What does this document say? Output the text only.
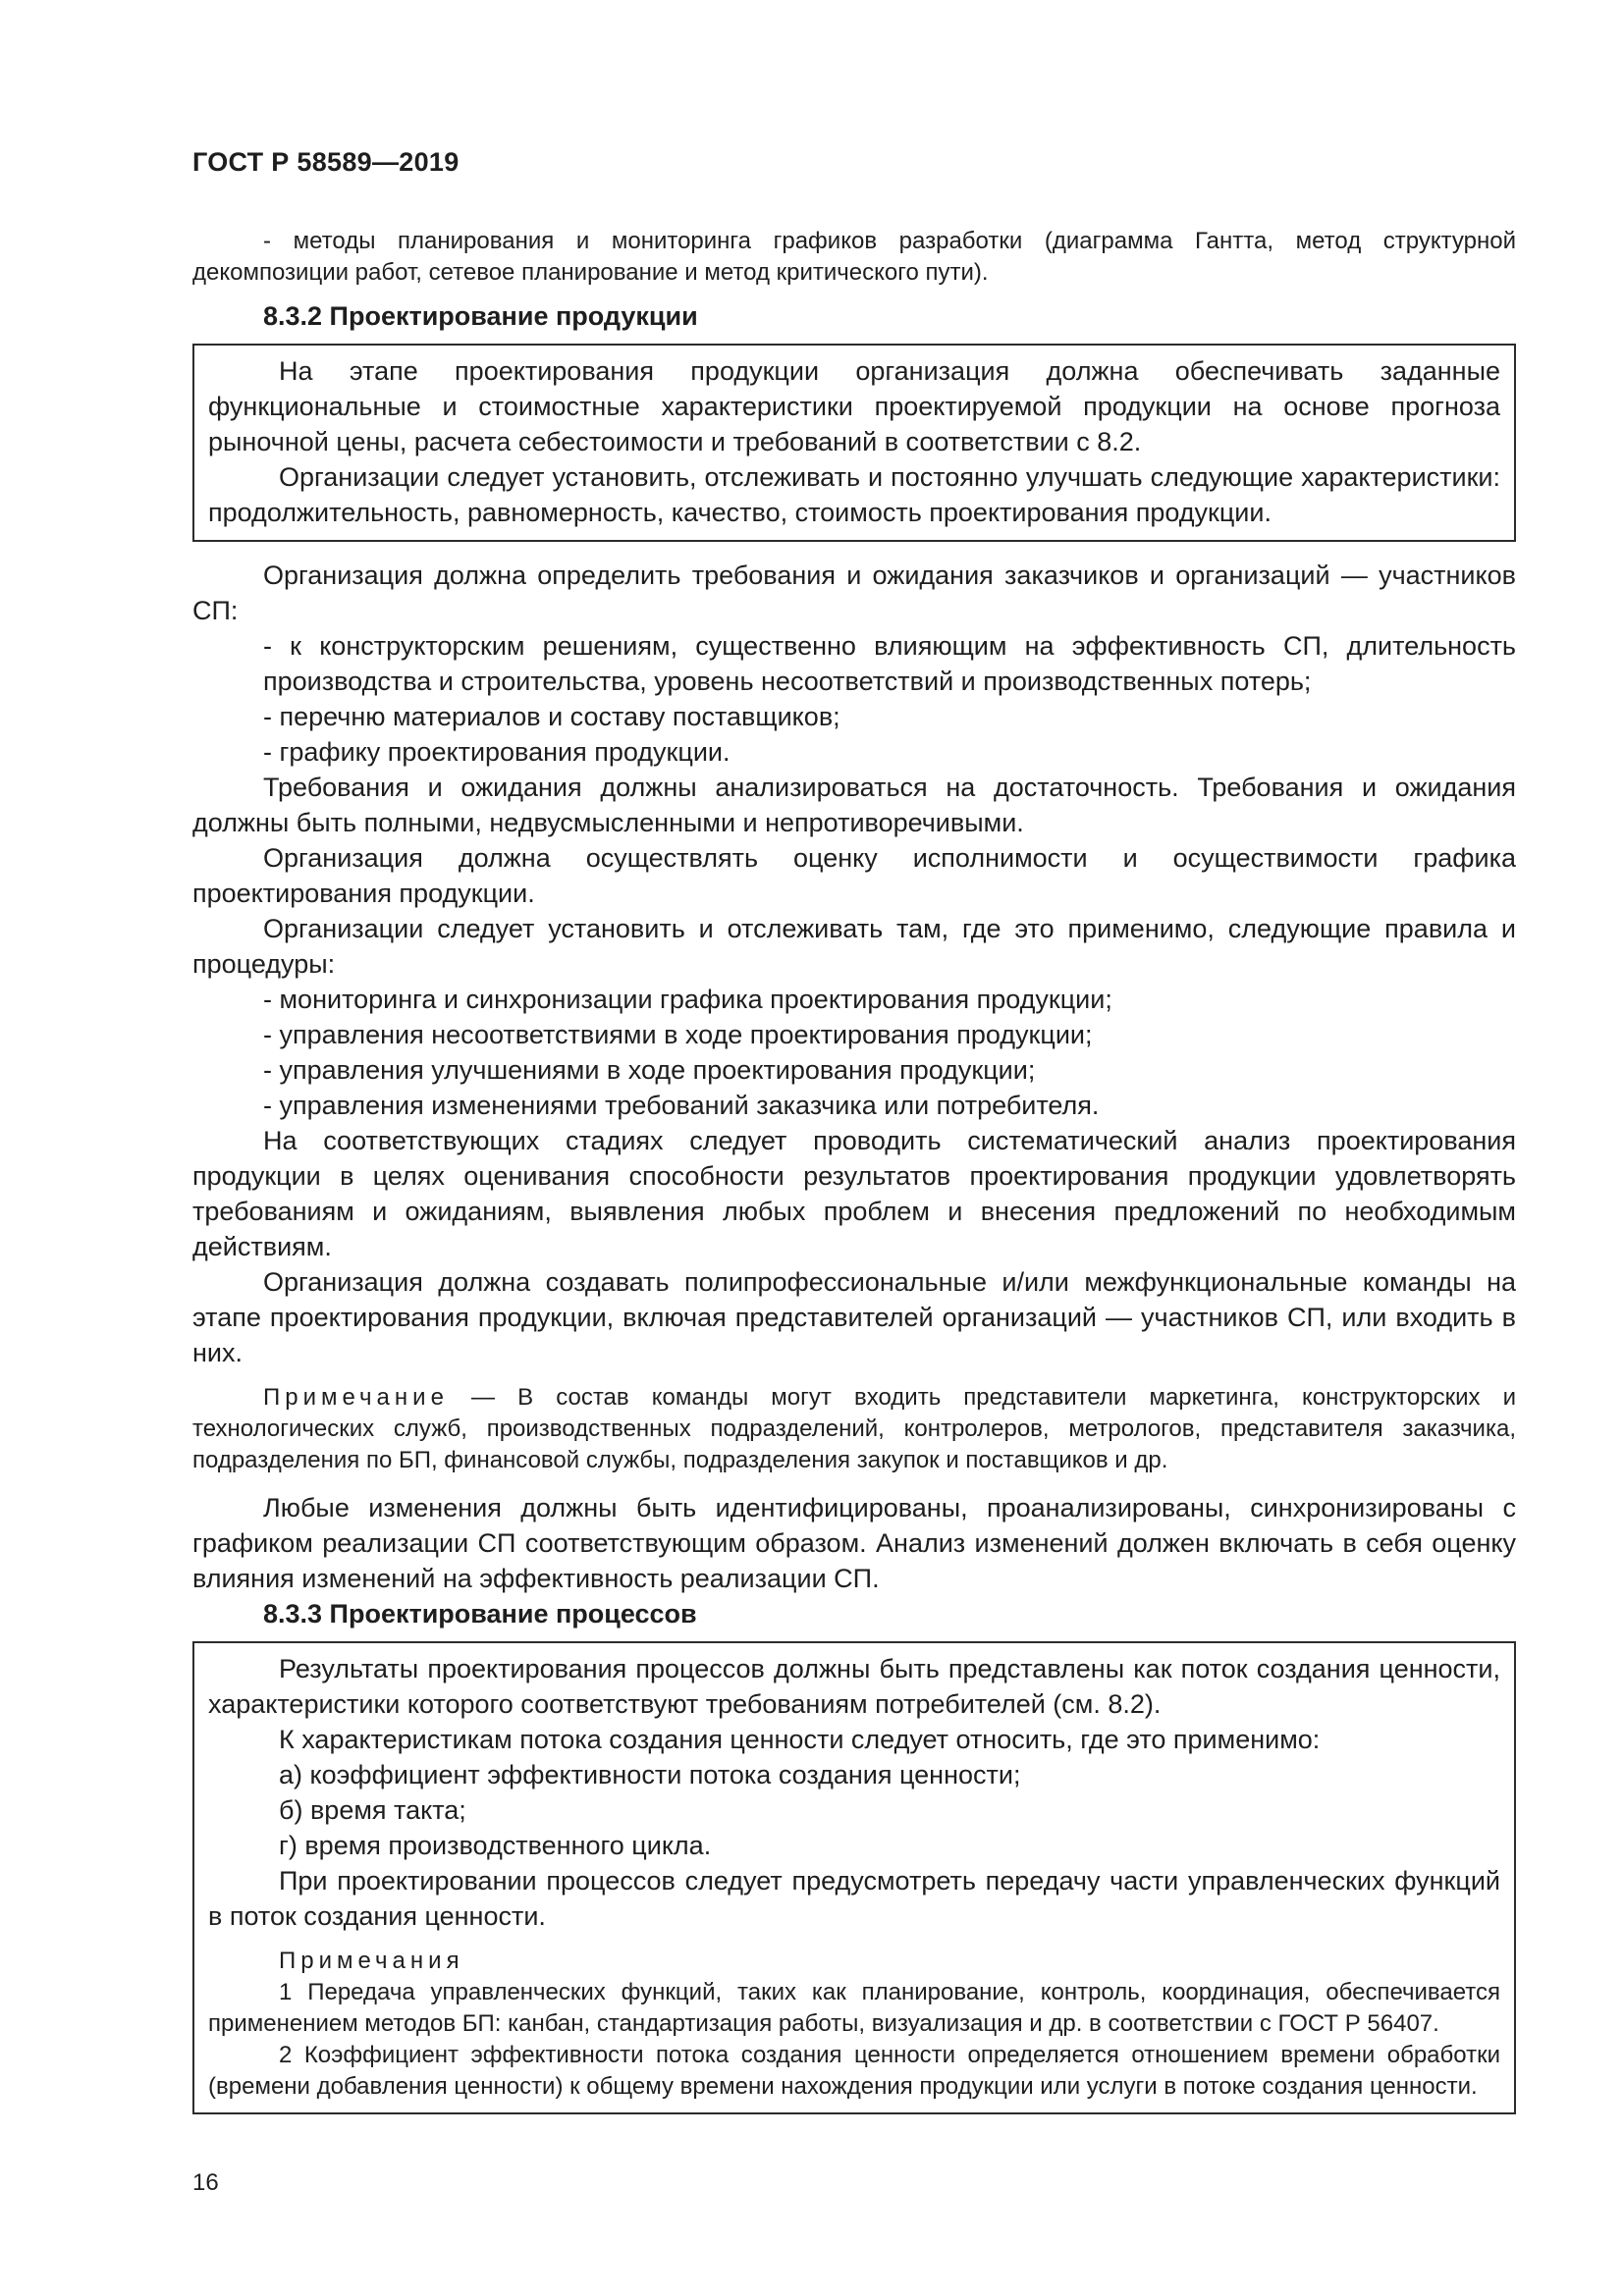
ГОСТ Р 58589—2019

- методы планирования и мониторинга графиков разработки (диаграмма Гантта, метод структурной декомпозиции работ, сетевое планирование и метод критического пути).

8.3.2 Проектирование продукции

На этапе проектирования продукции организация должна обеспечивать заданные функциональные и стоимостные характеристики проектируемой продукции на основе прогноза рыночной цены, расчета себестоимости и требований в соответствии с 8.2.

Организации следует установить, отслеживать и постоянно улучшать следующие характеристики: продолжительность, равномерность, качество, стоимость проектирования продукции.

Организация должна определить требования и ожидания заказчиков и организаций — участников СП:

- к конструкторским решениям, существенно влияющим на эффективность СП, длительность производства и строительства, уровень несоответствий и производственных потерь;

- перечню материалов и составу поставщиков;

- графику проектирования продукции.

Требования и ожидания должны анализироваться на достаточность. Требования и ожидания должны быть полными, недвусмысленными и непротиворечивыми.

Организация должна осуществлять оценку исполнимости и осуществимости графика проектирования продукции.

Организации следует установить и отслеживать там, где это применимо, следующие правила и процедуры:

- мониторинга и синхронизации графика проектирования продукции;

- управления несоответствиями в ходе проектирования продукции;

- управления улучшениями в ходе проектирования продукции;

- управления изменениями требований заказчика или потребителя.

На соответствующих стадиях следует проводить систематический анализ проектирования продукции в целях оценивания способности результатов проектирования продукции удовлетворять требованиям и ожиданиям, выявления любых проблем и внесения предложений по необходимым действиям.

Организация должна создавать полипрофессиональные и/или межфункциональные команды на этапе проектирования продукции, включая представителей организаций — участников СП, или входить в них.

Примечание — В состав команды могут входить представители маркетинга, конструкторских и технологических служб, производственных подразделений, контролеров, метрологов, представителя заказчика, подразделения по БП, финансовой службы, подразделения закупок и поставщиков и др.

Любые изменения должны быть идентифицированы, проанализированы, синхронизированы с графиком реализации СП соответствующим образом. Анализ изменений должен включать в себя оценку влияния изменений на эффективность реализации СП.

8.3.3 Проектирование процессов

Результаты проектирования процессов должны быть представлены как поток создания ценности, характеристики которого соответствуют требованиям потребителей (см. 8.2).

К характеристикам потока создания ценности следует относить, где это применимо:

а) коэффициент эффективности потока создания ценности;

б) время такта;

г) время производственного цикла.

При проектировании процессов следует предусмотреть передачу части управленческих функций в поток создания ценности.

Примечания

1 Передача управленческих функций, таких как планирование, контроль, координация, обеспечивается применением методов БП: канбан, стандартизация работы, визуализация и др. в соответствии с ГОСТ Р 56407.

2 Коэффициент эффективности потока создания ценности определяется отношением времени обработки (времени добавления ценности) к общему времени нахождения продукции или услуги в потоке создания ценности.

16
